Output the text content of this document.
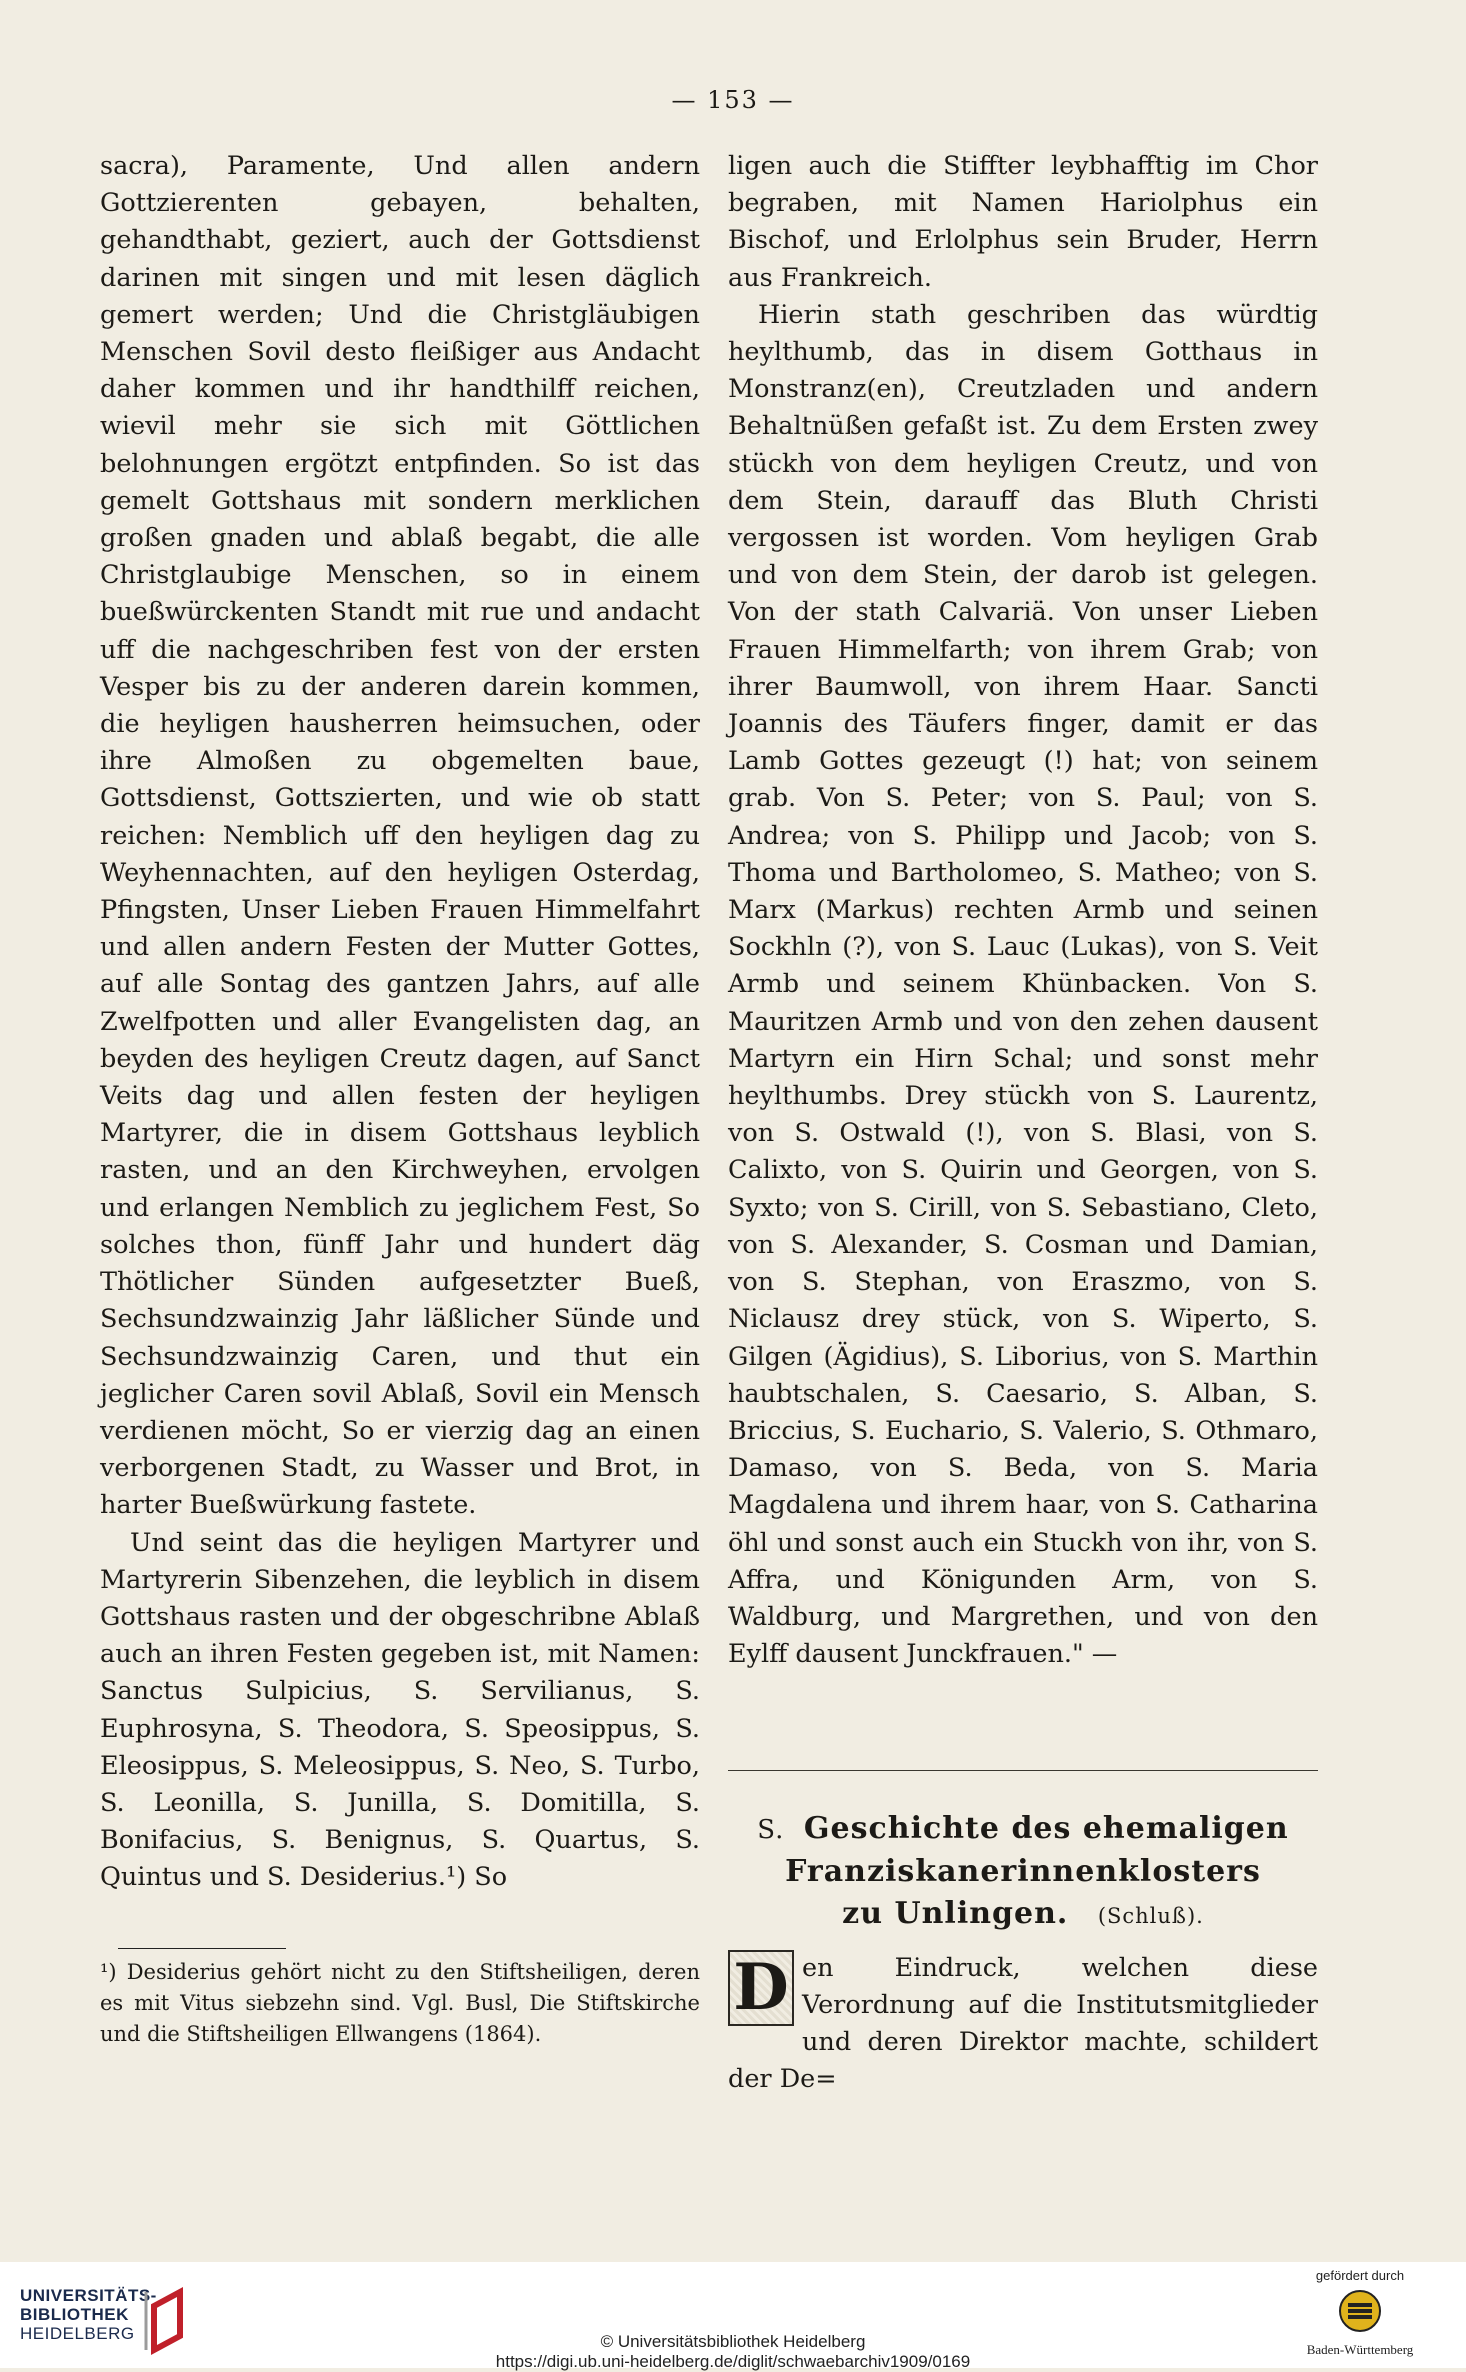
— 153 —

sacra), Paramente, Und allen andern Gottzierenten gebayen, behalten, gehandthabt, geziert, auch der Gottsdienst darinen mit singen und mit lesen däglich gemert werden; Und die Christgläubigen Menschen Sovil desto fleißiger aus Andacht daher kommen und ihr handthilff reichen, wievil mehr sie sich mit Göttlichen belohnungen ergötzt entpfinden. So ist das gemelt Gottshaus mit sondern merklichen großen gnaden und ablaß begabt, die alle Christglaubige Menschen, so in einem bueßwürckenten Standt mit rue und andacht uff die nachgeschriben fest von der ersten Vesper bis zu der anderen darein kommen, die heyligen hausherren heimsuchen, oder ihre Almoßen zu obgemelten baue, Gottsdienst, Gottszierten, und wie ob statt reichen: Nemblich uff den heyligen dag zu Weyhennachten, auf den heyligen Osterdag, Pfingsten, Unser Lieben Frauen Himmelfahrt und allen andern Festen der Mutter Gottes, auf alle Sontag des gantzen Jahrs, auf alle Zwelfpotten und aller Evangelisten dag, an beyden des heyligen Creutz dagen, auf Sanct Veits dag und allen festen der heyligen Martyrer, die in disem Gottshaus leyblich rasten, und an den Kirchweyhen, ervolgen und erlangen Nemblich zu jeglichem Fest, So solches thon, fünff Jahr und hundert däg Thötlicher Sünden aufgesetzter Bueß, Sechsundzwainzig Jahr läßlicher Sünde und Sechsundzwainzig Caren, und thut ein jeglicher Caren sovil Ablaß, Sovil ein Mensch verdienen möcht, So er vierzig dag an einen verborgenen Stadt, zu Wasser und Brot, in harter Bueßwürkung fastete.

Und seint das die heyligen Martyrer und Martyrerin Sibenzehen, die leyblich in disem Gottshaus rasten und der obgeschribne Ablaß auch an ihren Festen gegeben ist, mit Namen: Sanctus Sulpicius, S. Servilianus, S. Euphrosyna, S. Theodora, S. Speosippus, S. Eleosippus, S. Meleosippus, S. Neo, S. Turbo, S. Leonilla, S. Junilla, S. Domitilla, S. Bonifacius, S. Benignus, S. Quartus, S. Quintus und S. Desiderius.¹) So

¹) Desiderius gehört nicht zu den Stiftsheiligen, deren es mit Vitus siebzehn sind. Vgl. Busl, Die Stiftskirche und die Stiftsheiligen Ellwangens (1864).

ligen auch die Stiffter leybhafftig im Chor begraben, mit Namen Hariolphus ein Bischof, und Erlolphus sein Bruder, Herrn aus Frankreich.

Hierin stath geschriben das würdtig heylthumb, das in disem Gotthaus in Monstranz(en), Creutzladen und andern Behaltnüßen gefaßt ist. Zu dem Ersten zwey stückh von dem heyligen Creutz, und von dem Stein, darauff das Bluth Christi vergossen ist worden. Vom heyligen Grab und von dem Stein, der darob ist gelegen. Von der stath Calvariä. Von unser Lieben Frauen Himmelfarth; von ihrem Grab; von ihrer Baumwoll, von ihrem Haar. Sancti Joannis des Täufers finger, damit er das Lamb Gottes gezeugt (!) hat; von seinem grab. Von S. Peter; von S. Paul; von S. Andrea; von S. Philipp und Jacob; von S. Thoma und Bartholomeo, S. Matheo; von S. Marx (Markus) rechten Armb und seinen Sockhln (?), von S. Lauc (Lukas), von S. Veit Armb und seinem Khünbacken. Von S. Mauritzen Armb und von den zehen dausent Martyrn ein Hirn Schal; und sonst mehr heylthumbs. Drey stückh von S. Laurentz, von S. Ostwald (!), von S. Blasi, von S. Calixto, von S. Quirin und Georgen, von S. Syxto; von S. Cirill, von S. Sebastiano, Cleto, von S. Alexander, S. Cosman und Damian, von S. Stephan, von Eraszmo, von S. Niclausz drey stück, von S. Wiperto, S. Gilgen (Ägidius), S. Liborius, von S. Marthin haubtschalen, S. Caesario, S. Alban, S. Briccius, S. Euchario, S. Valerio, S. Othmaro, Damaso, von S. Beda, von S. Maria Magdalena und ihrem haar, von S. Catharina öhl und sonst auch ein Stuckh von ihr, von S. Affra, und Königunden Arm, von S. Waldburg, und Margrethen, und von den Eylff dausent Junckfrauen." —

S. Geschichte des ehemaligen
Franziskanerinnenklosters
zu Unlingen. (Schluß).
D en Eindruck, welchen diese Verordnung auf die Institutsmitglieder und deren Direktor machte, schildert der De=
UNIVERSITÄTS-
BIBLIOTHEK
HEIDELBERG	© Universitätsbibliothek Heidelberg
https://digi.ub.uni-heidelberg.de/diglit/schwaebarchiv1909/0169
gefördert durch
Baden-Württemberg
